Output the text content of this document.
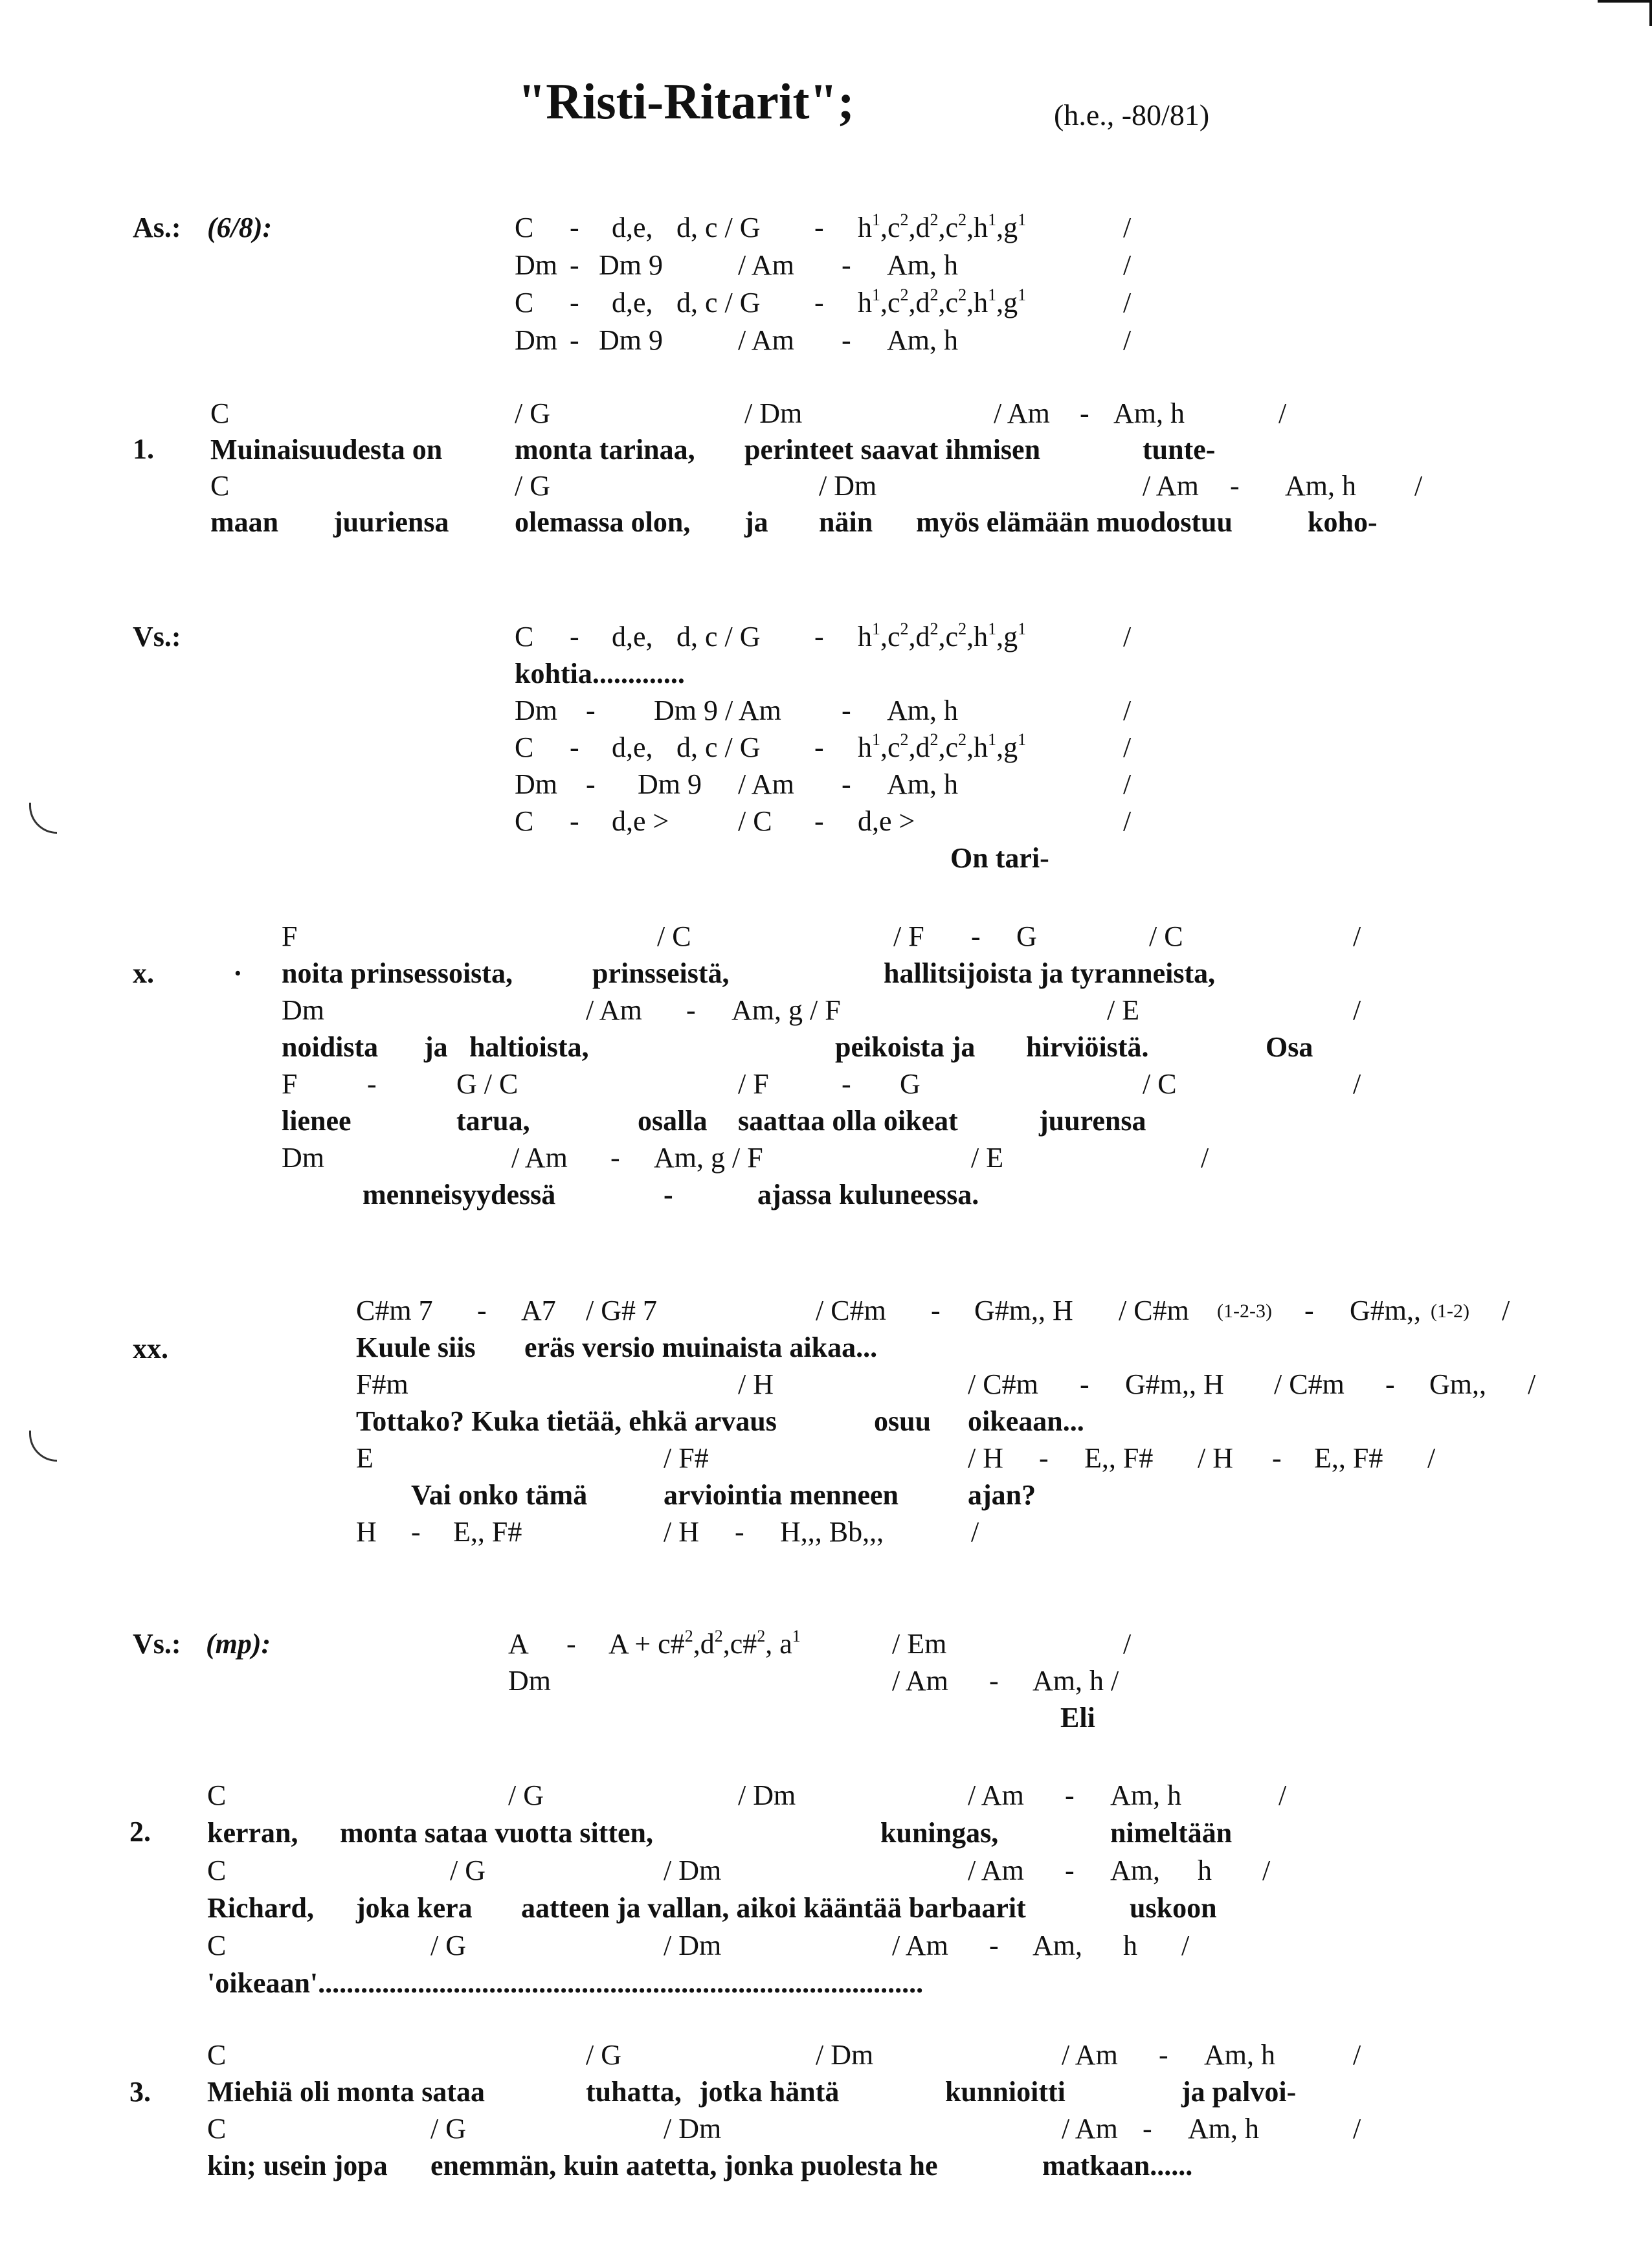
"Risti-Ritarit";	(h.e., -80/81)
As.: (6/8):	C - d,e, d, c / G - $h^1,c^2,d^2,c^2,h^1,g^1$	/
Dm - Dm 9	/ Am - Am, h	/
C - d,e, d, c / G - $h^1,c^2,d^2,c^2,h^1,g^1$	/
Dm - Dm 9	/ Am - Am, h	/
1.
C	/ G	/ Dm	/ Am - Am, h	/
Muinaisuudesta on	monta tarinaa, perinteet saavat ihmisen	tunte-
C	/ G	/ Dm	/ Am - Am, h /
maan juuriensa olemassa olon, ja näin myös elämään muodostuu	koho-
Vs.:	C - d,e, d, c / G - $h^1,c^2,d^2,c^2,h^1,g^1$	/
kohtia.............
Dm - Dm 9 / Am - Am, h	/
C - d,e, d, c / G - $h^1,c^2,d^2,c^2,h^1,g^1$	/
Dm - Dm 9 / Am - Am, h	/
C - d,e > / C - d,e >	/
On tari-
x.
F	/ C	/ F - G	/ C	/
· noita prinsessoista,	prinsseistä,	hallitsijoista ja tyranneista,
Dm	/ Am - Am, g / F	/ E	/
noidista ja haltioista,	peikoista ja hirviöistä.	Osa
F -	G / C	/ F	- G	/ C	/
lienee	tarua,	osalla saattaa olla oikeat	juurensa
Dm	/ Am - Am, g / F	/ E	/
menneisyydessä	-	ajassa kuluneessa.
xx.
C#m 7 - A7 / G# 7	/ C#m - G#m,, H / C#m (1-2-3) - G#m,, (1-2) /
Kuule siis eräs versio muinaista aikaa...
F#m	/ H	/ C#m - G#m,, H / C#m - Gm,, /
Tottako? Kuka tietää, ehkä arvaus	osuu oikeaan...
E	/ F#	/ H - E,, F# / H - E,, F# /
Vai onko tämä	arviointia menneen ajan?
H - E,, F#	/ H - H,,, Bb,,,	/
Vs.: (mp):	$A - A + c\#^2,d^2,c\#^2$, $a^1$	/ Em	/
Dm	/ Am - Am, h /
Eli
2.
C	/ G	/ Dm	/ Am - Am, h	/
kerran, monta sataa vuotta sitten,	kuningas,	nimeltään
C	/ G	/ Dm	/ Am - Am, h /
Richard, joka kera aatteen ja vallan, aikoi kääntää barbaarit	uskoon
C	/ G	/ Dm	/ Am - Am, h /
'oikeaan'.....................................................................................
3.
C	/ G	/ Dm	/ Am - Am, h	/
Miehiä oli monta sataa	tuhatta, jotka häntä	kunnioitti	ja palvoi-
C	/ G	/ Dm	/ Am - Am, h	/
kin; usein jopa enemmän, kuin aatetta, jonka puolesta he	matkaan......
